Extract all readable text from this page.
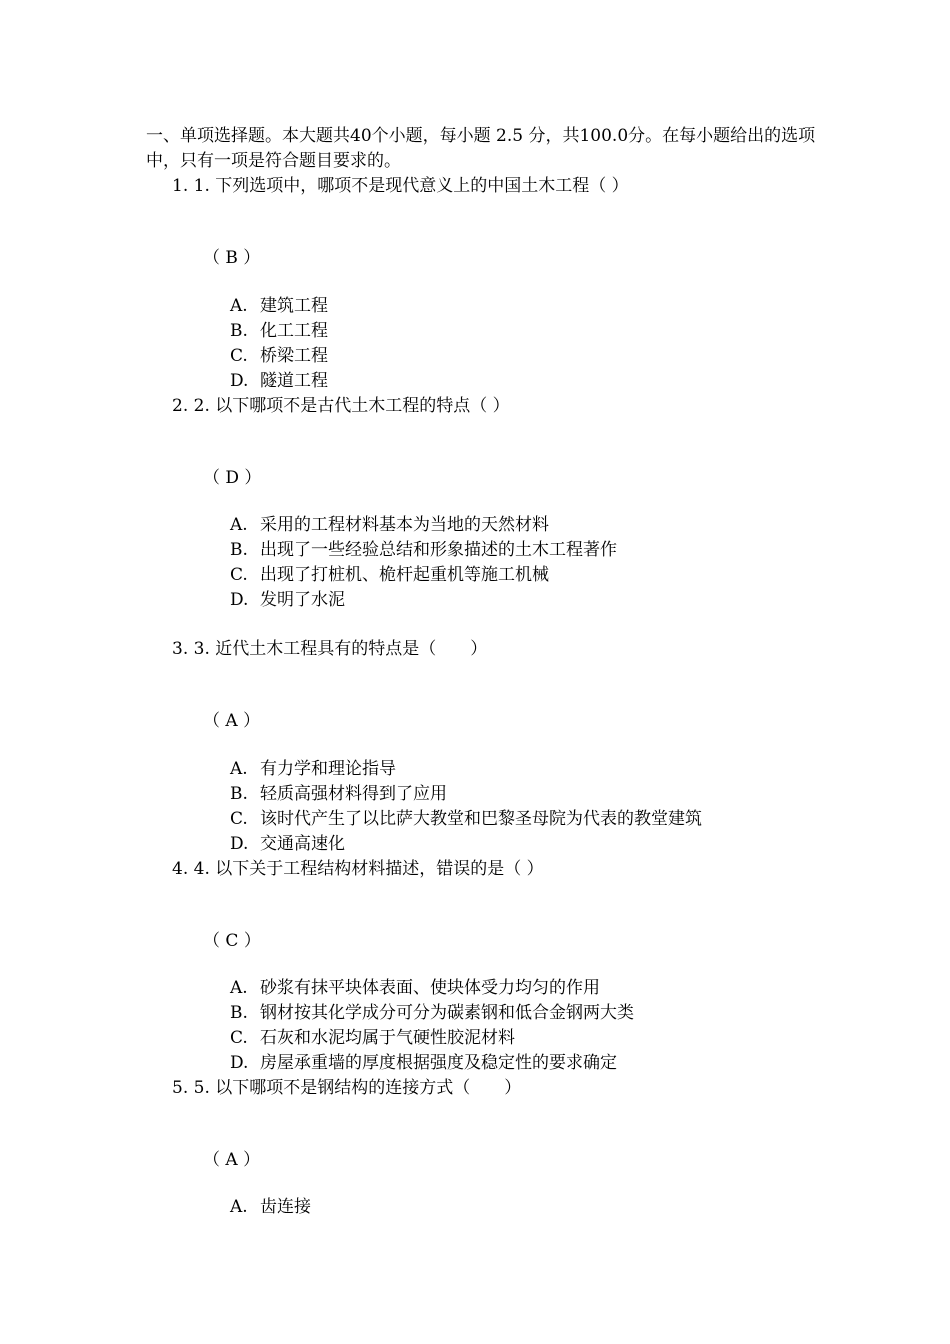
一、单项选择题。本大题共40个小题，每小题 2.5 分，共100.0分。在每小题给出的选项中，只有一项是符合题目要求的。
1. 1. 下列选项中，哪项不是现代意义上的中国土木工程（ ）
（ B ）
A. 建筑工程
B. 化工工程
C. 桥梁工程
D. 隧道工程
2. 2. 以下哪项不是古代土木工程的特点（ ）
（ D ）
A. 采用的工程材料基本为当地的天然材料
B. 出现了一些经验总结和形象描述的土木工程著作
C. 出现了打桩机、桅杆起重机等施工机械
D. 发明了水泥
3. 3. 近代土木工程具有的特点是（　　）
（ A ）
A. 有力学和理论指导
B. 轻质高强材料得到了应用
C. 该时代产生了以比萨大教堂和巴黎圣母院为代表的教堂建筑
D. 交通高速化
4. 4. 以下关于工程结构材料描述，错误的是（ ）
（ C ）
A. 砂浆有抹平块体表面、使块体受力均匀的作用
B. 钢材按其化学成分可分为碳素钢和低合金钢两大类
C. 石灰和水泥均属于气硬性胶泥材料
D. 房屋承重墙的厚度根据强度及稳定性的要求确定
5. 5. 以下哪项不是钢结构的连接方式（　　）
（ A ）
A. 齿连接
